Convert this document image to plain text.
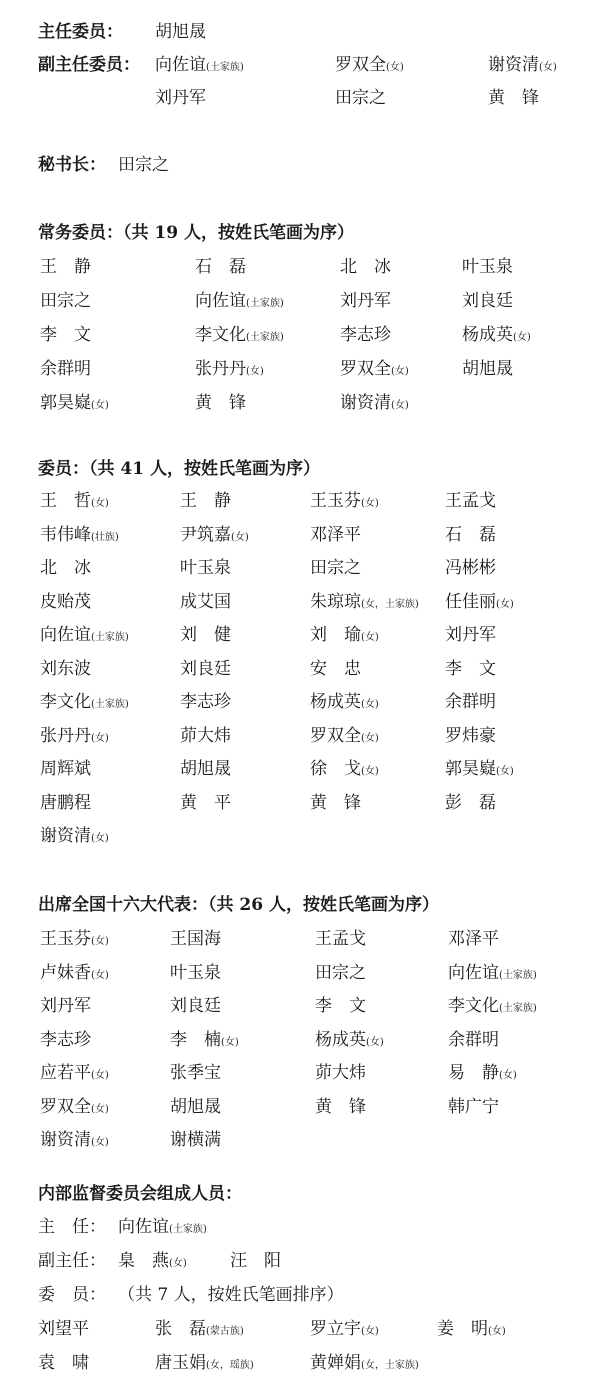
主任委员： 胡旭晟
副主任委员： 向佐谊(土家族)	罗双全(女)	谢资清(女)
刘丹军	田宗之	黄　锋
秘书长： 田宗之
常务委员：（共 19 人，按姓氏笔画为序）
王　静	石　磊	北　冰	叶玉泉
田宗之	向佐谊(土家族)	刘丹军	刘良廷
李　文	李文化(土家族)	李志珍	杨成英(女)
余群明	张丹丹(女)	罗双全(女)	胡旭晟
郭昊嶷(女)	黄　锋	谢资清(女)
委员：（共 41 人，按姓氏笔画为序）
王　哲(女)	王　静	王玉芬(女)	王孟戈
韦伟峰(壮族)	尹筑嘉(女)	邓泽平	石　磊
北　冰	叶玉泉	田宗之	冯彬彬
皮贻茂	成艾国	朱琼琼(女，土家族) 任佳丽(女)
向佐谊(土家族)	刘　健	刘　瑜(女)	刘丹军
刘东波	刘良廷	安　忠	李　文
李文化(土家族)	李志珍	杨成英(女)	余群明
张丹丹(女)	茆大炜	罗双全(女)	罗炜豪
周辉斌	胡旭晟	徐　戈(女)	郭昊嶷(女)
唐鹏程	黄　平	黄　锋	彭　磊
谢资清(女)
出席全国十六大代表：（共 26 人，按姓氏笔画为序）
王玉芬(女)	王国海	王孟戈	邓泽平
卢妹香(女)	叶玉泉	田宗之	向佐谊(土家族)
刘丹军	刘良廷	李　文	李文化(土家族)
李志珍	李　楠(女)	杨成英(女)	余群明
应若平(女)	张季宝	茆大炜	易　静(女)
罗双全(女)	胡旭晟	黄　锋	韩广宁
谢资清(女)	谢横满
内部监督委员会组成人员：
主　任： 向佐谊(土家族)
副主任： 臬　燕(女)	汪　阳
委　员： （共 7 人，按姓氏笔画排序）
刘望平	张　磊(蒙古族)	罗立宇(女)	姜　明(女)
袁　啸	唐玉娟(女，瑶族)	黄婵娟(女，土家族)
